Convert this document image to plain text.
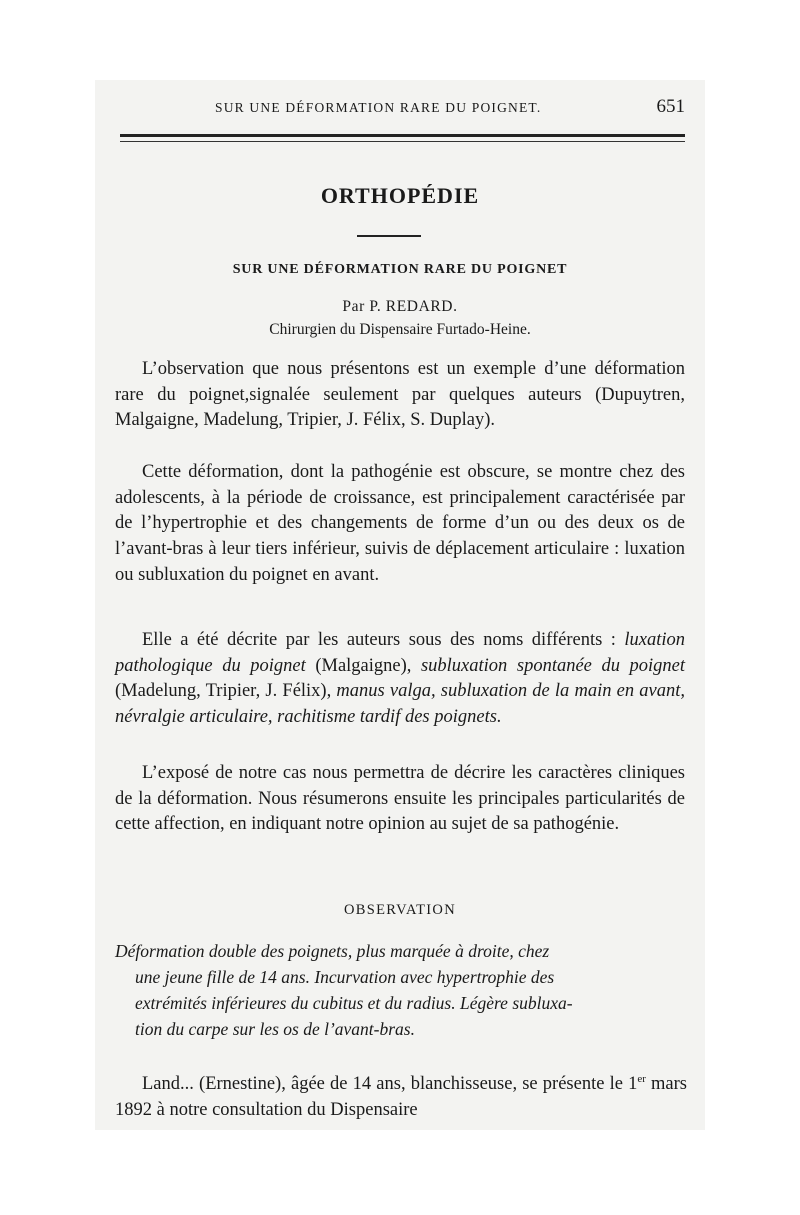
SUR UNE DÉFORMATION RARE DU POIGNET.	651
ORTHOPÉDIE
SUR UNE DÉFORMATION RARE DU POIGNET
Par P. REDARD.
Chirurgien du Dispensaire Furtado-Heine.

L’observation que nous présentons est un exemple d’une déformation rare du poignet,signalée seulement par quelques auteurs (Dupuytren, Malgaigne, Madelung, Tripier, J. Félix, S. Duplay).

Cette déformation, dont la pathogénie est obscure, se montre chez des adolescents, à la période de croissance, est principalement caractérisée par de l’hypertrophie et des changements de forme d’un ou des deux os de l’avant-bras à leur tiers inférieur, suivis de déplacement articulaire : luxation ou subluxation du poignet en avant.

Elle a été décrite par les auteurs sous des noms différents : luxation pathologique du poignet (Malgaigne), subluxation spontanée du poignet (Madelung, Tripier, J. Félix), manus valga, subluxation de la main en avant, névralgie articulaire, rachitisme tardif des poignets.

L’exposé de notre cas nous permettra de décrire les caractères cliniques de la déformation. Nous résumerons ensuite les principales particularités de cette affection, en indiquant notre opinion au sujet de sa pathogénie.

OBSERVATION

Déformation double des poignets, plus marquée à droite, chez
une jeune fille de 14 ans. Incurvation avec hypertrophie des
extrémités inférieures du cubitus et du radius. Légère subluxa-
tion du carpe sur les os de l’avant-bras.

Land... (Ernestine), âgée de 14 ans, blanchisseuse, se présente le 1er mars 1892 à notre consultation du Dispensaire
